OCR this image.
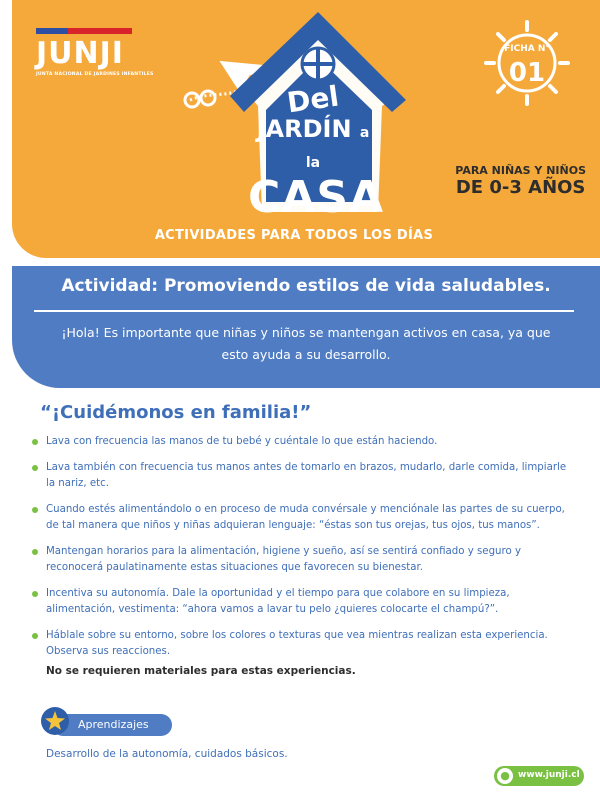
JUNJI
JUNTA NACIONAL DE JARDINES INFANTILES
Del
JARDÍN a la
CASA
FICHA N°
01
PARA NIÑAS Y NIÑOS
DE 0-3 AÑOS
ACTIVIDADES PARA TODOS LOS DÍAS
Actividad: Promoviendo estilos de vida saludables.
¡Hola! Es importante que niñas y niños se mantengan activos en casa, ya que esto ayuda a su desarrollo.
“¡Cuidémonos en familia!”
Lava con frecuencia las manos de tu bebé y cuéntale lo que están haciendo.
Lava también con frecuencia tus manos antes de tomarlo en brazos, mudarlo, darle comida, limpiarle la nariz, etc.
Cuando estés alimentándolo o en proceso de muda convérsale y menciónale las partes de su cuerpo, de tal manera que niños y niñas adquieran lenguaje: “éstas son tus orejas, tus ojos, tus manos”.
Mantengan horarios para la alimentación, higiene y sueño, así se sentirá confiado y seguro y reconocerá paulatinamente estas situaciones que favorecen su bienestar.
Incentiva su autonomía. Dale la oportunidad y el tiempo para que colabore en su limpieza, alimentación, vestimenta: “ahora vamos a lavar tu pelo ¿quieres colocarte el champú?”.
Háblale sobre su entorno, sobre los colores o texturas que vea mientras realizan esta experiencia. Observa sus reacciones.
No se requieren materiales para estas experiencias.
Aprendizajes
Desarrollo de la autonomía, cuidados básicos.
● www.junji.cl
